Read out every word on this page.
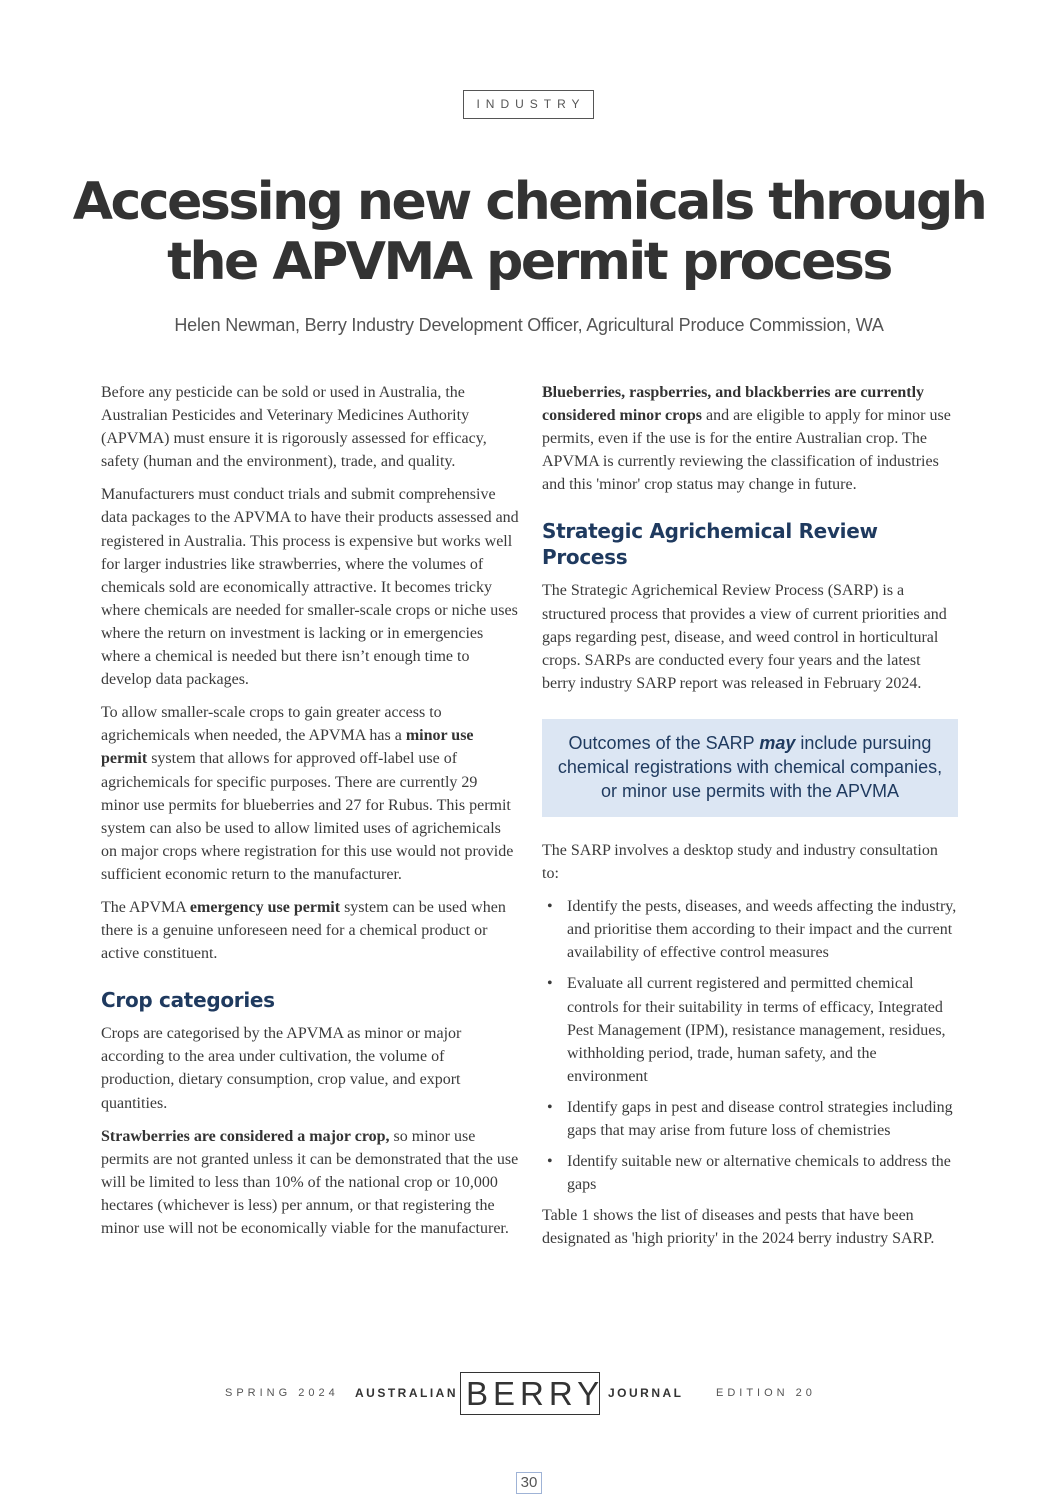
INDUSTRY
Accessing new chemicals through
the APVMA permit process
Helen Newman, Berry Industry Development Officer, Agricultural Produce Commission, WA

Before any pesticide can be sold or used in Australia, the Australian Pesticides and Veterinary Medicines Authority (APVMA) must ensure it is rigorously assessed for efficacy, safety (human and the environment), trade, and quality.

Manufacturers must conduct trials and submit comprehensive data packages to the APVMA to have their products assessed and registered in Australia. This process is expensive but works well for larger industries like strawberries, where the volumes of chemicals sold are economically attractive. It becomes tricky where chemicals are needed for smaller-scale crops or niche uses where the return on investment is lacking or in emergencies where a chemical is needed but there isn’t enough time to develop data packages.

To allow smaller-scale crops to gain greater access to agrichemicals when needed, the APVMA has a minor use permit system that allows for approved off-label use of agrichemicals for specific purposes. There are currently 29 minor use permits for blueberries and 27 for Rubus. This permit system can also be used to allow limited uses of agrichemicals on major crops where registration for this use would not provide sufficient economic return to the manufacturer.

The APVMA emergency use permit system can be used when there is a genuine unforeseen need for a chemical product or active constituent.

Crop categories

Crops are categorised by the APVMA as minor or major according to the area under cultivation, the volume of production, dietary consumption, crop value, and export quantities.

Strawberries are considered a major crop, so minor use permits are not granted unless it can be demonstrated that the use will be limited to less than 10% of the national crop or 10,000 hectares (whichever is less) per annum, or that registering the minor use will not be economically viable for the manufacturer.

Blueberries, raspberries, and blackberries are currently considered minor crops and are eligible to apply for minor use permits, even if the use is for the entire Australian crop. The APVMA is currently reviewing the classification of industries and this 'minor' crop status may change in future.

Strategic Agrichemical Review Process

The Strategic Agrichemical Review Process (SARP) is a structured process that provides a view of current priorities and gaps regarding pest, disease, and weed control in horticultural crops. SARPs are conducted every four years and the latest berry industry SARP report was released in February 2024.

Outcomes of the SARP may include pursuing chemical registrations with chemical companies, or minor use permits with the APVMA

The SARP involves a desktop study and industry consultation to:

• Identify the pests, diseases, and weeds affecting the industry, and prioritise them according to their impact and the current availability of effective control measures
• Evaluate all current registered and permitted chemical controls for their suitability in terms of efficacy, Integrated Pest Management (IPM), resistance management, residues, withholding period, trade, human safety, and the environment
• Identify gaps in pest and disease control strategies including gaps that may arise from future loss of chemistries
• Identify suitable new or alternative chemicals to address the gaps

Table 1 shows the list of diseases and pests that have been designated as 'high priority' in the 2024 berry industry SARP.

SPRING 2024 AUSTRALIAN BERRY JOURNAL	EDITION 20
30
